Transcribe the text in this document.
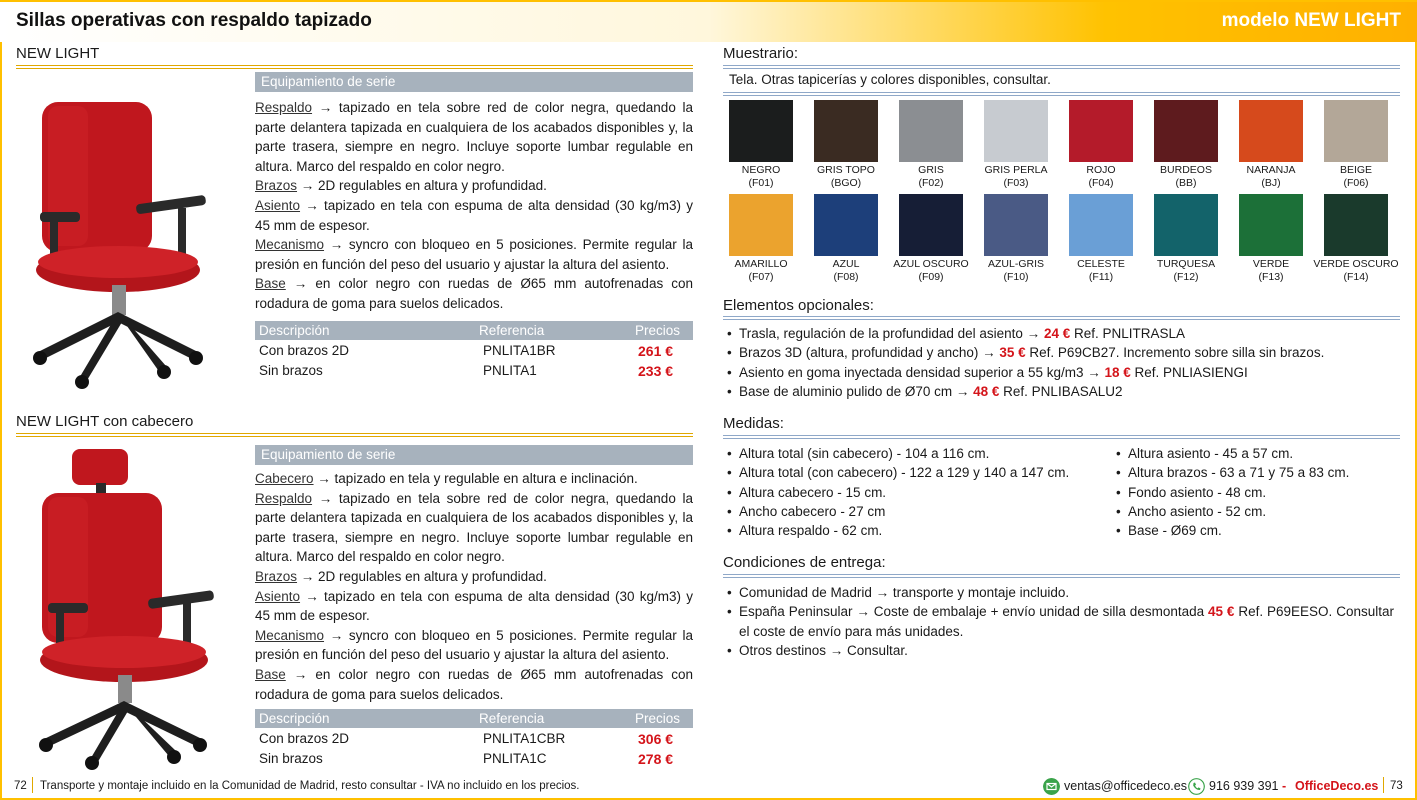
Sillas operativas con respaldo tapizado	modelo NEW LIGHT
NEW LIGHT
Equipamiento de serie

Respaldo → tapizado en tela sobre red de color negra, quedando la parte delantera tapizada en cualquiera de los acabados disponibles y, la parte trasera, siempre en negro. Incluye soporte lumbar regulable en altura. Marco del respaldo en color negro.

Brazos → 2D regulables en altura y profundidad.

Asiento → tapizado en tela con espuma de alta densidad (30 kg/m3) y 45 mm de espesor.

Mecanismo → syncro con bloqueo en 5 posiciones. Permite regular la presión en función del peso del usuario y ajustar la altura del asiento.

Base → en color negro con ruedas de Ø65 mm autofrenadas con rodadura de goma para suelos delicados.

Descripción	Referencia	Precios
Con brazos 2D	PNLITA1BR	261 €
Sin brazos	PNLITA1	233 €
NEW LIGHT con cabecero
Equipamiento de serie

Cabecero → tapizado en tela y regulable en altura e inclinación.

Respaldo → tapizado en tela sobre red de color negra, quedando la parte delantera tapizada en cualquiera de los acabados disponibles y, la parte trasera, siempre en negro. Incluye soporte lumbar regulable en altura. Marco del respaldo en color negro.

Brazos → 2D regulables en altura y profundidad.

Asiento → tapizado en tela con espuma de alta densidad (30 kg/m3) y 45 mm de espesor.

Mecanismo → syncro con bloqueo en 5 posiciones. Permite regular la presión en función del peso del usuario y ajustar la altura del asiento.

Base → en color negro con ruedas de Ø65 mm autofrenadas con rodadura de goma para suelos delicados.

Descripción	Referencia	Precios
Con brazos 2D	PNLITA1CBR	306 €
Sin brazos	PNLITA1C	278 €
Muestrario:
Tela. Otras tapicerías y colores disponibles, consultar.
NEGRO
(F01)
GRIS TOPO
(BGO)
GRIS
(F02)
GRIS PERLA
(F03)
ROJO
(F04)
BURDEOS
(BB)
NARANJA
(BJ)
BEIGE
(F06)
AMARILLO
(F07)
AZUL
(F08)
AZUL OSCURO
(F09)
AZUL-GRIS
(F10)
CELESTE
(F11)
TURQUESA
(F12)
VERDE
(F13)
VERDE OSCURO
(F14)
Elementos opcionales:
• Trasla, regulación de la profundidad del asiento → 24 € Ref. PNLITRASLA
• Brazos 3D (altura, profundidad y ancho) → 35 € Ref. P69CB27. Incremento sobre silla sin brazos.
• Asiento en goma inyectada densidad superior a 55 kg/m3 → 18 € Ref. PNLIASIENGI
• Base de aluminio pulido de Ø70 cm → 48 € Ref. PNLIBASALU2
Medidas:
• Altura total (sin cabecero) - 104 a 116 cm.
• Altura total (con cabecero) - 122 a 129 y 140 a 147 cm.
• Altura cabecero - 15 cm.
• Ancho cabecero - 27 cm
• Altura respaldo - 62 cm.
• Altura asiento - 45 a 57 cm.
• Altura brazos - 63 a 71 y 75 a 83 cm.
• Fondo asiento - 48 cm.
• Ancho asiento - 52 cm.
• Base - Ø69 cm.
Condiciones de entrega:
• Comunidad de Madrid → transporte y montaje incluido.
• España Peninsular → Coste de embalaje + envío unidad de silla desmontada 45 € Ref. P69EESO. Consultar el coste de envío para más unidades.
• Otros destinos → Consultar.
72 Transporte y montaje incluido en la Comunidad de Madrid, resto consultar - IVA no incluido en los precios.	ventas@officedeco.es 916 939 391 - OfficeDeco.es 73
